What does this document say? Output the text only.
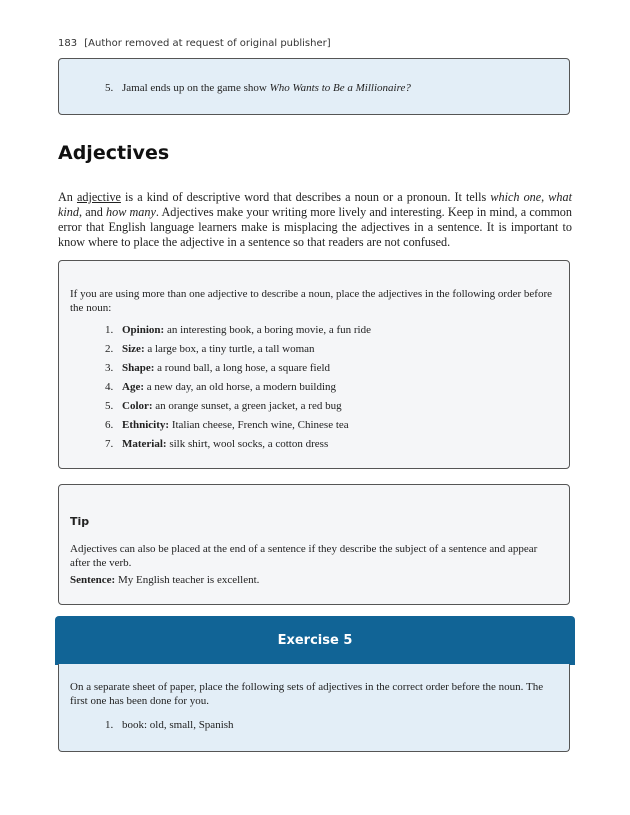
183 [Author removed at request of original publisher]
5. Jamal ends up on the game show Who Wants to Be a Millionaire?
Adjectives

An adjective is a kind of descriptive word that describes a noun or a pronoun. It tells which one, what kind, and how many. Adjectives make your writing more lively and interesting. Keep in mind, a common error that English language learners make is misplacing the adjectives in a sentence. It is important to know where to place the adjective in a sentence so that readers are not confused.

If you are using more than one adjective to describe a noun, place the adjectives in the following order before the noun:

1. Opinion: an interesting book, a boring movie, a fun ride
2. Size: a large box, a tiny turtle, a tall woman
3. Shape: a round ball, a long hose, a square field
4. Age: a new day, an old horse, a modern building
5. Color: an orange sunset, a green jacket, a red bug
6. Ethnicity: Italian cheese, French wine, Chinese tea
7. Material: silk shirt, wool socks, a cotton dress
Tip

Adjectives can also be placed at the end of a sentence if they describe the subject of a sentence and appear after the verb.

Sentence: My English teacher is excellent.

Exercise 5

On a separate sheet of paper, place the following sets of adjectives in the correct order before the noun. The first one has been done for you.

1. book: old, small, Spanish
